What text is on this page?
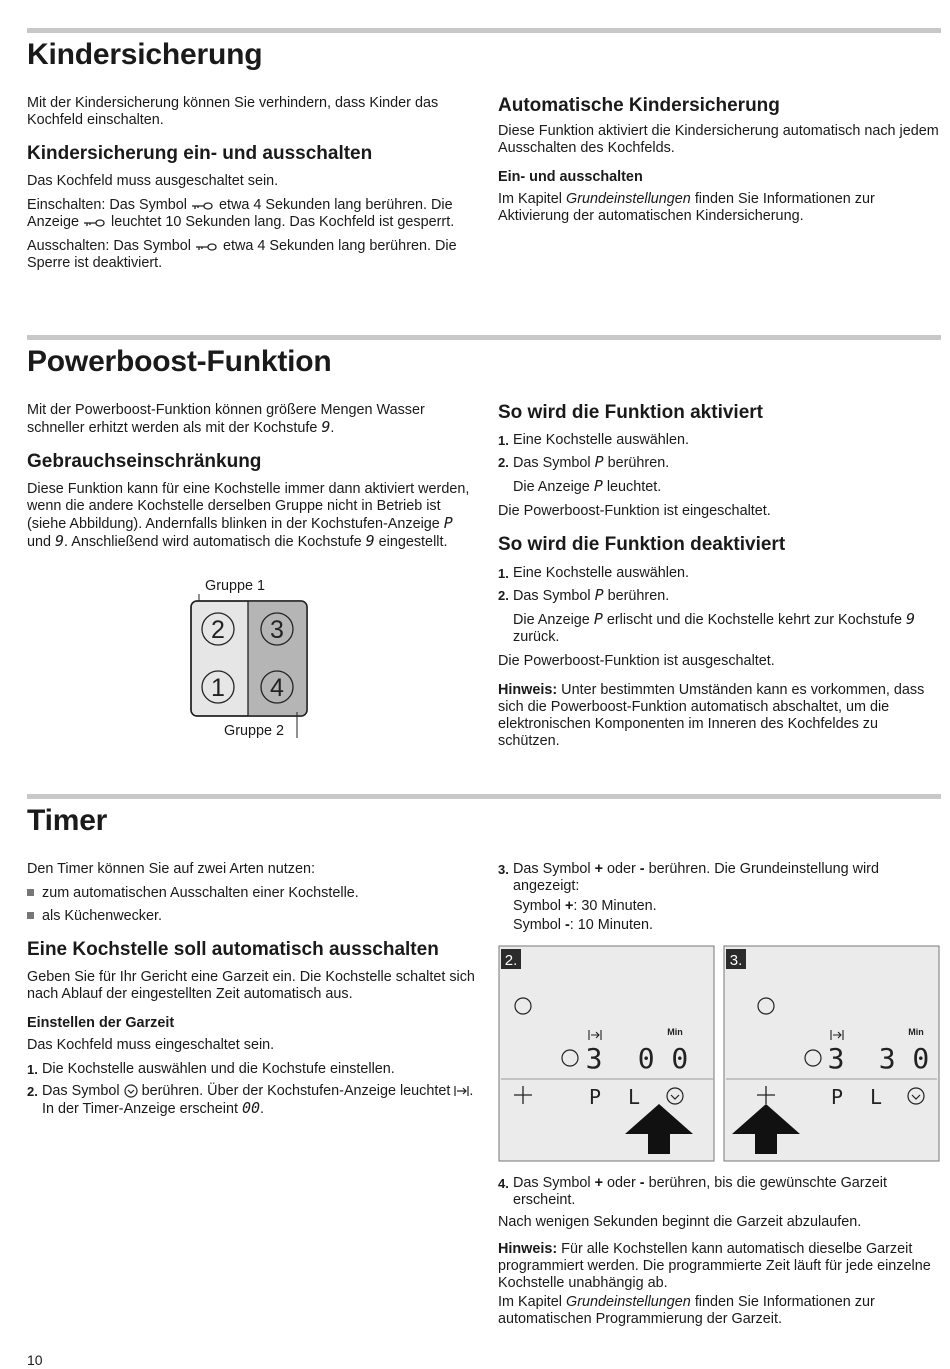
Kindersicherung

Mit der Kindersicherung können Sie verhindern, dass Kinder das Kochfeld einschalten.

Kindersicherung ein- und ausschalten

Das Kochfeld muss ausgeschaltet sein.

Einschalten: Das Symbol etwa 4 Sekunden lang berühren. Die Anzeige leuchtet 10 Sekunden lang. Das Kochfeld ist gesperrt.

Ausschalten: Das Symbol etwa 4 Sekunden lang berühren. Die Sperre ist deaktiviert.

Automatische Kindersicherung

Diese Funktion aktiviert die Kindersicherung automatisch nach jedem Ausschalten des Kochfelds.

Ein- und ausschalten

Im Kapitel Grundeinstellungen finden Sie Informationen zur Aktivierung der automatischen Kindersicherung.

Powerboost-Funktion

Mit der Powerboost-Funktion können größere Mengen Wasser schneller erhitzt werden als mit der Kochstufe 9.

Gebrauchseinschränkung

Diese Funktion kann für eine Kochstelle immer dann aktiviert werden, wenn die andere Kochstelle derselben Gruppe nicht in Betrieb ist (siehe Abbildung). Andernfalls blinken in der Kochstufen-Anzeige P und 9. Anschließend wird automatisch die Kochstufe 9 eingestellt.

Gruppe 1
2 3
1 4
Gruppe 2
So wird die Funktion aktiviert
1. Eine Kochstelle auswählen.
2. Das Symbol P berühren.

Die Anzeige P leuchtet.

Die Powerboost-Funktion ist eingeschaltet.

So wird die Funktion deaktiviert
1. Eine Kochstelle auswählen.
2. Das Symbol P berühren.

Die Anzeige P erlischt und die Kochstelle kehrt zur Kochstufe 9 zurück.

Die Powerboost-Funktion ist ausgeschaltet.

Hinweis: Unter bestimmten Umständen kann es vorkommen, dass sich die Powerboost-Funktion automatisch abschaltet, um die elektronischen Komponenten im Inneren des Kochfeldes zu schützen.

Timer

Den Timer können Sie auf zwei Arten nutzen:

zum automatischen Ausschalten einer Kochstelle.
als Küchenwecker.
Eine Kochstelle soll automatisch ausschalten

Geben Sie für Ihr Gericht eine Garzeit ein. Die Kochstelle schaltet sich nach Ablauf der eingestellten Zeit automatisch aus.

Einstellen der Garzeit

Das Kochfeld muss eingeschaltet sein.

1. Die Kochstelle auswählen und die Kochstufe einstellen.
2. Das Symbol berühren. Über der Kochstufen-Anzeige leuchtet . In der Timer-Anzeige erscheint 00.
3. Das Symbol + oder - berühren. Die Grundeinstellung wird angezeigt:

Symbol +: 30 Minuten.

Symbol -: 10 Minuten.

2.
3
Min
0 0
P L
3.
3
Min
3 0
P L
4. Das Symbol + oder - berühren, bis die gewünschte Garzeit erscheint.

Nach wenigen Sekunden beginnt die Garzeit abzulaufen.

Hinweis: Für alle Kochstellen kann automatisch dieselbe Garzeit programmiert werden. Die programmierte Zeit läuft für jede einzelne Kochstelle unabhängig ab.

Im Kapitel Grundeinstellungen finden Sie Informationen zur automatischen Programmierung der Garzeit.

10
